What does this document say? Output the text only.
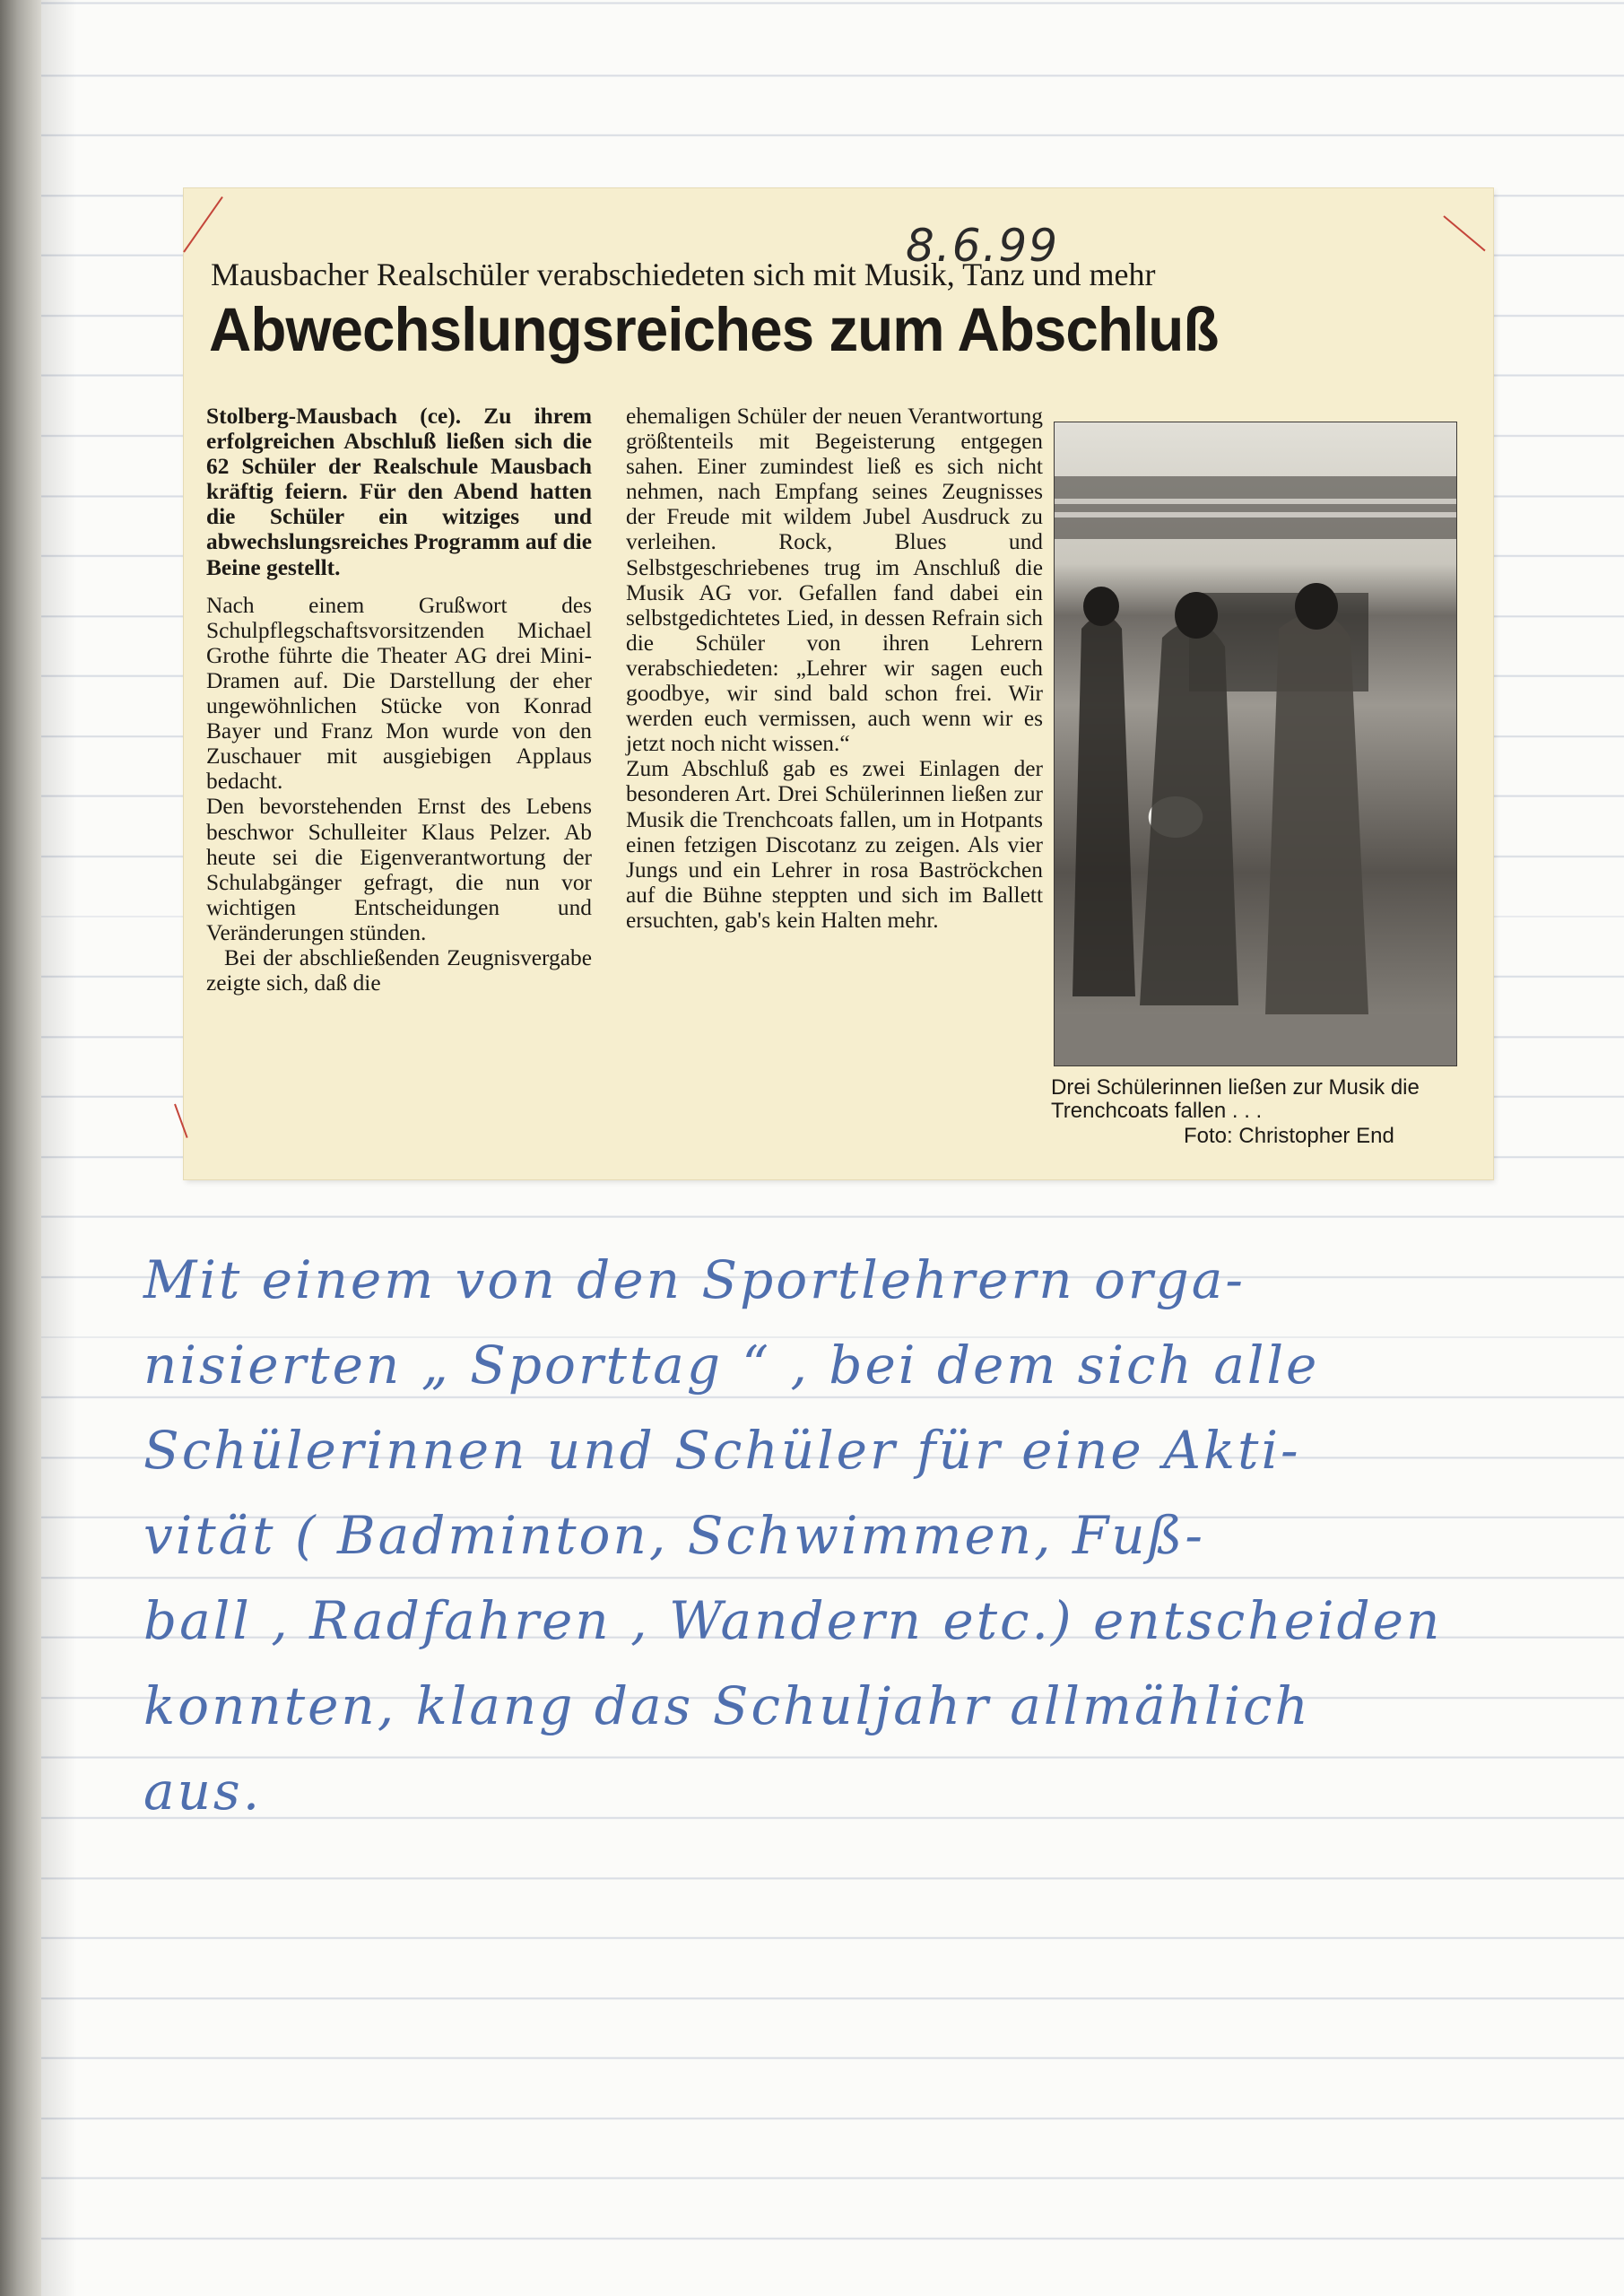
8.6.99
Mausbacher Realschüler verabschiedeten sich mit Musik, Tanz und mehr
Abwechslungsreiches zum Abschluß

Stolberg-Mausbach (ce). Zu ihrem erfolgreichen Abschluß ließen sich die 62 Schüler der Realschule Mausbach kräftig feiern. Für den Abend hatten die Schüler ein witziges und abwechslungsreiches Programm auf die Beine gestellt.

Nach einem Grußwort des Schulpflegschaftsvorsitzenden Michael Grothe führte die Theater AG drei Mini-Dramen auf. Die Darstellung der eher ungewöhnlichen Stücke von Konrad Bayer und Franz Mon wurde von den Zuschauer mit ausgiebigen Applaus bedacht.

Den bevorstehenden Ernst des Lebens beschwor Schulleiter Klaus Pelzer. Ab heute sei die Eigenverantwortung der Schulabgänger gefragt, die nun vor wichtigen Entscheidungen und Veränderungen stünden.

Bei der abschließenden Zeugnisvergabe zeigte sich, daß die

ehemaligen Schüler der neuen Verantwortung größtenteils mit Begeisterung entgegen sahen. Einer zumindest ließ es sich nicht nehmen, nach Empfang seines Zeugnisses der Freude mit wildem Jubel Ausdruck zu verleihen. Rock, Blues und Selbstgeschriebenes trug im Anschluß die Musik AG vor. Gefallen fand dabei ein selbstgedichtetes Lied, in dessen Refrain sich die Schüler von ihren Lehrern verabschiedeten: „Lehrer wir sagen euch goodbye, wir sind bald schon frei. Wir werden euch vermissen, auch wenn wir es jetzt noch nicht wissen.“

Zum Abschluß gab es zwei Einlagen der besonderen Art. Drei Schülerinnen ließen zur Musik die Trenchcoats fallen, um in Hotpants einen fetzigen Discotanz zu zeigen. Als vier Jungs und ein Lehrer in rosa Baströckchen auf die Bühne steppten und sich im Ballett ersuchten, gab's kein Halten mehr.

Drei Schülerinnen ließen zur Musik die Trenchcoats fallen . . .
Foto: Christopher End
Mit einem von den Sportlehrern orga-
nisierten „ Sporttag “ , bei dem sich alle
Schülerinnen und Schüler für eine Akti-
vität ( Badminton, Schwimmen, Fuß-
ball , Radfahren , Wandern etc.) entscheiden
konnten, klang das Schuljahr allmählich
aus.
